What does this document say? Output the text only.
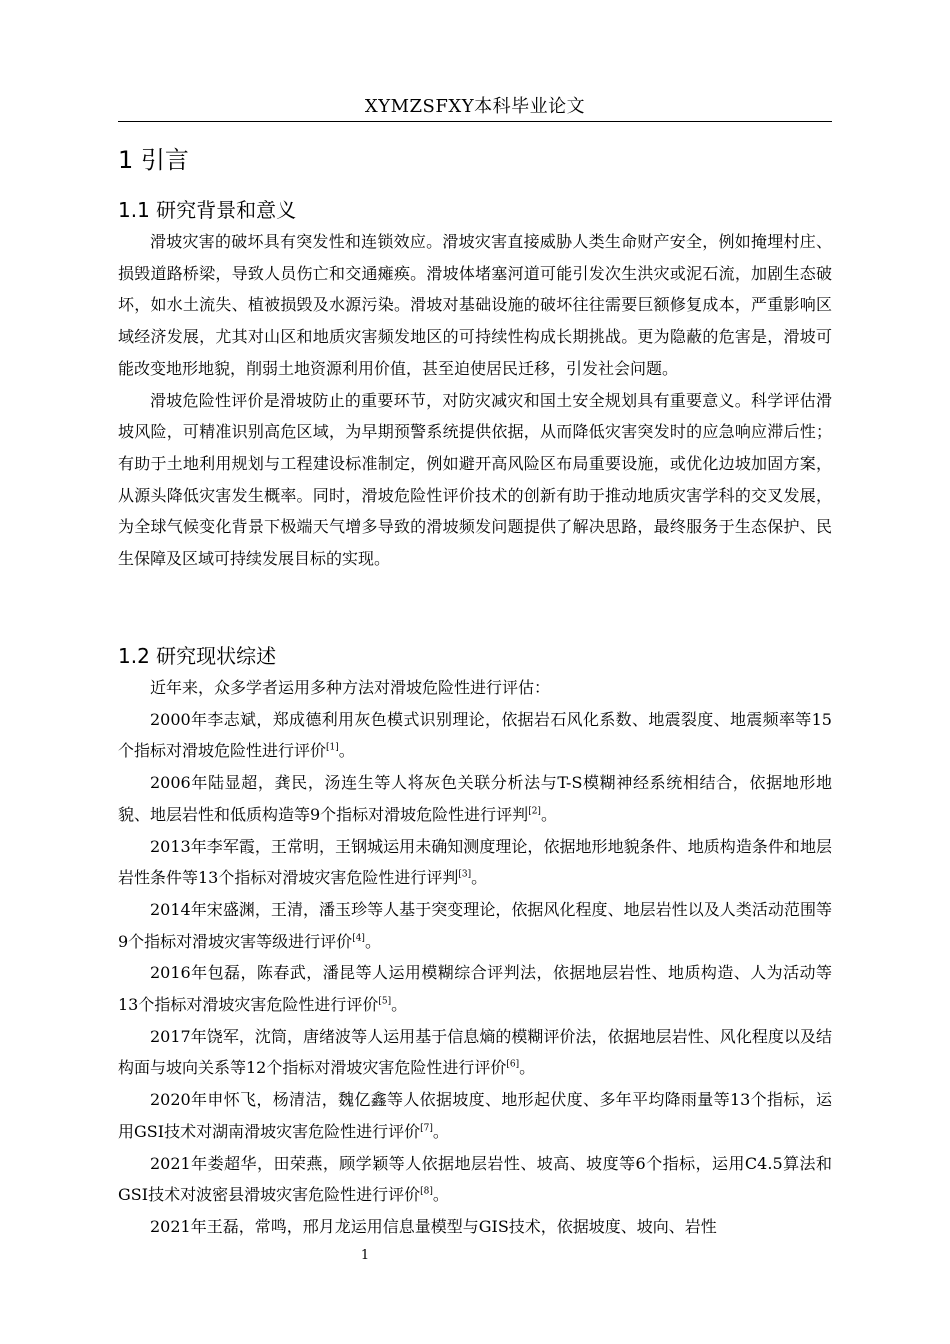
XYMZSFXY本科毕业论文
1 引言
1.1 研究背景和意义

滑坡灾害的破坏具有突发性和连锁效应。滑坡灾害直接威胁人类生命财产安全，例如掩埋村庄、损毁道路桥梁，导致人员伤亡和交通瘫痪。滑坡体堵塞河道可能引发次生洪灾或泥石流，加剧生态破坏，如水土流失、植被损毁及水源污染。滑坡对基础设施的破坏往往需要巨额修复成本，严重影响区域经济发展，尤其对山区和地质灾害频发地区的可持续性构成长期挑战。更为隐蔽的危害是，滑坡可能改变地形地貌，削弱土地资源利用价值，甚至迫使居民迁移，引发社会问题。

滑坡危险性评价是滑坡防止的重要环节，对防灾减灾和国土安全规划具有重要意义。科学评估滑坡风险，可精准识别高危区域，为早期预警系统提供依据，从而降低灾害突发时的应急响应滞后性；有助于土地利用规划与工程建设标准制定，例如避开高风险区布局重要设施，或优化边坡加固方案，从源头降低灾害发生概率。同时，滑坡危险性评价技术的创新有助于推动地质灾害学科的交叉发展，为全球气候变化背景下极端天气增多导致的滑坡频发问题提供了解决思路，最终服务于生态保护、民生保障及区域可持续发展目标的实现。

1.2 研究现状综述

近年来，众多学者运用多种方法对滑坡危险性进行评估：

2000年李志斌，郑成德利用灰色模式识别理论，依据岩石风化系数、地震裂度、地震频率等15个指标对滑坡危险性进行评价[1]。

2006年陆显超，龚民，汤连生等人将灰色关联分析法与T-S模糊神经系统相结合，依据地形地貌、地层岩性和低质构造等9个指标对滑坡危险性进行评判[2]。

2013年李军霞，王常明，王钢城运用未确知测度理论，依据地形地貌条件、地质构造条件和地层岩性条件等13个指标对滑坡灾害危险性进行评判[3]。

2014年宋盛渊，王清，潘玉珍等人基于突变理论，依据风化程度、地层岩性以及人类活动范围等9个指标对滑坡灾害等级进行评价[4]。

2016年包磊，陈春武，潘昆等人运用模糊综合评判法，依据地层岩性、地质构造、人为活动等13个指标对滑坡灾害危险性进行评价[5]。

2017年饶军，沈筒，唐绪波等人运用基于信息熵的模糊评价法，依据地层岩性、风化程度以及结构面与坡向关系等12个指标对滑坡灾害危险性进行评价[6]。

2020年申怀飞，杨清洁，魏亿鑫等人依据坡度、地形起伏度、多年平均降雨量等13个指标，运用GSI技术对湖南滑坡灾害危险性进行评价[7]。

2021年娄超华，田荣燕，顾学颖等人依据地层岩性、坡高、坡度等6个指标，运用C4.5算法和GSI技术对波密县滑坡灾害危险性进行评价[8]。

2021年王磊，常鸣，邢月龙运用信息量模型与GIS技术，依据坡度、坡向、岩性

1
